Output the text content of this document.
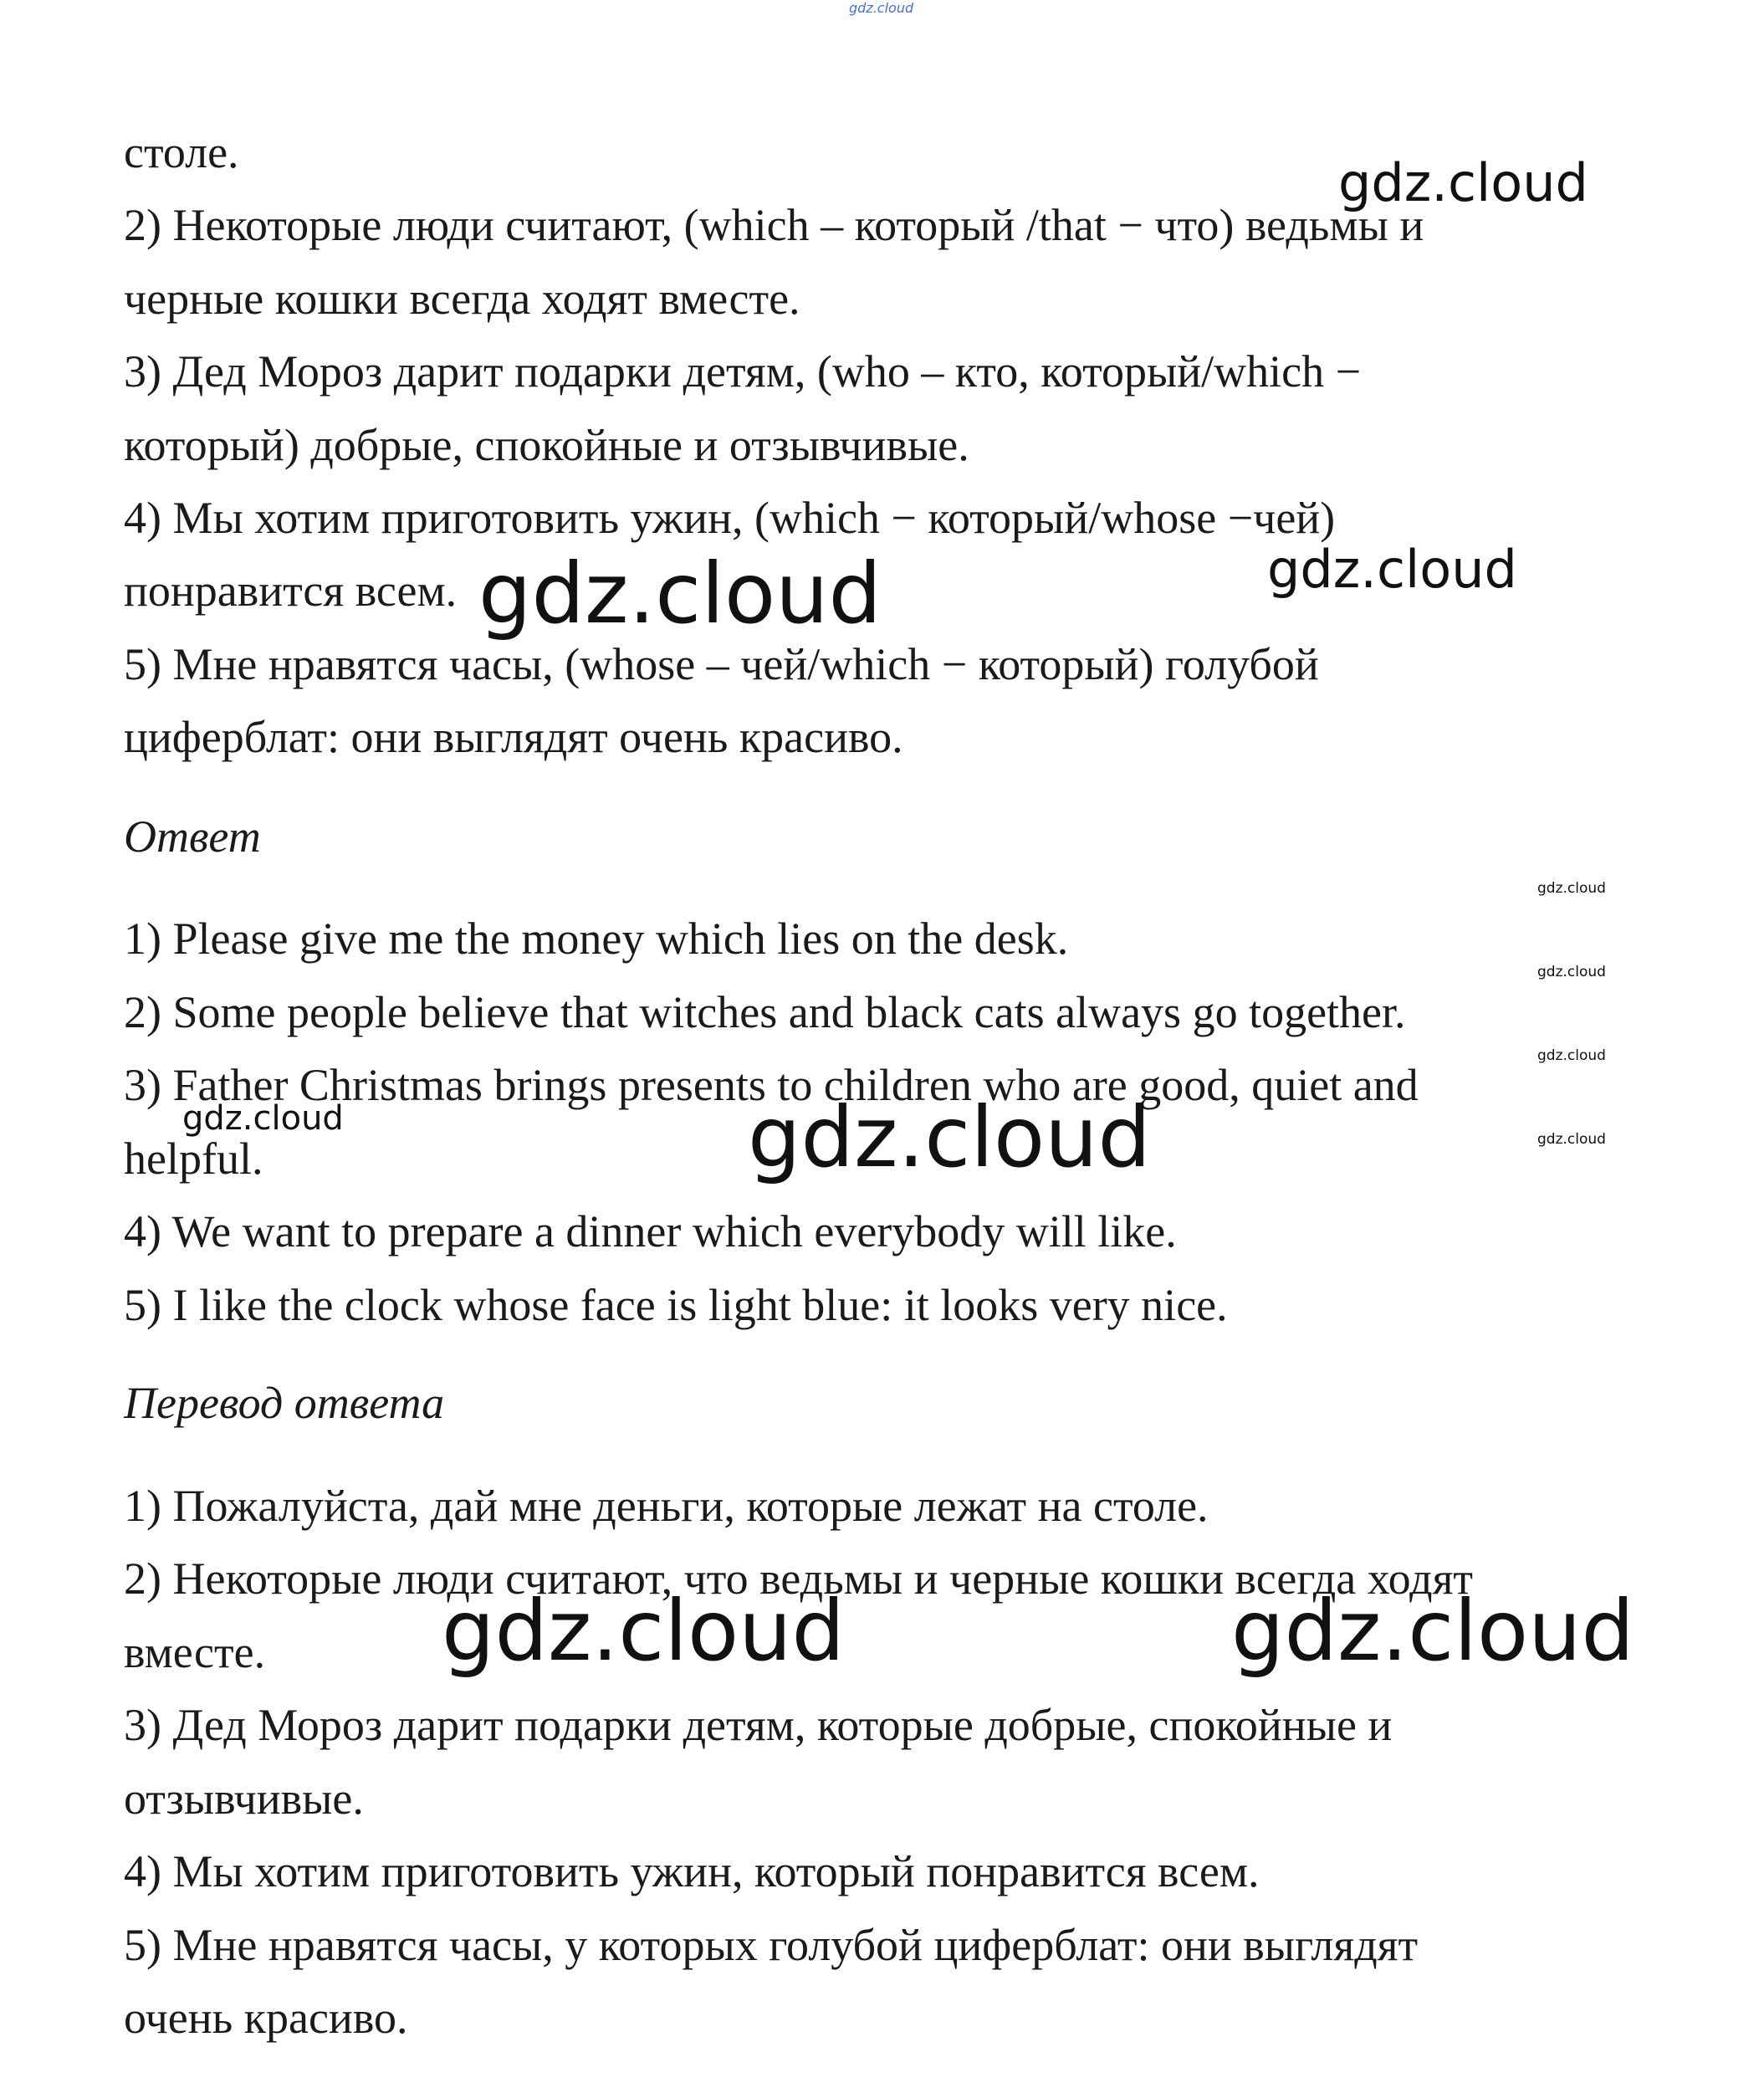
gdz.cloud
столе.
2) Некоторые люди считают, (which – который /that − что) ведьмы и
черные кошки всегда ходят вместе.
3) Дед Мороз дарит подарки детям, (who – кто, который/which −
который) добрые, спокойные и отзывчивые.
4) Мы хотим приготовить ужин, (which − который/whose −чей)
понравится всем.
5) Мне нравятся часы, (whose – чей/which − который) голубой
циферблат: они выглядят очень красиво.
Ответ
1) Please give me the money which lies on the desk.
2) Some people believe that witches and black cats always go together.
3) Father Christmas brings presents to children who are good, quiet and
helpful.
4) We want to prepare a dinner which everybody will like.
5) I like the clock whose face is light blue: it looks very nice.
Перевод ответа
1) Пожалуйста, дай мне деньги, которые лежат на столе.
2) Некоторые люди считают, что ведьмы и черные кошки всегда ходят
вместе.
3) Дед Мороз дарит подарки детям, которые добрые, спокойные и
отзывчивые.
4) Мы хотим приготовить ужин, который понравится всем.
5) Мне нравятся часы, у которых голубой циферблат: они выглядят
очень красиво.
gdz.cloud
gdz.cloud	gdz.cloud
gdz.cloud
gdz.cloud
gdz.cloud
gdz.cloud
gdz.cloud	gdz.cloud
gdz.cloud	gdz.cloud
